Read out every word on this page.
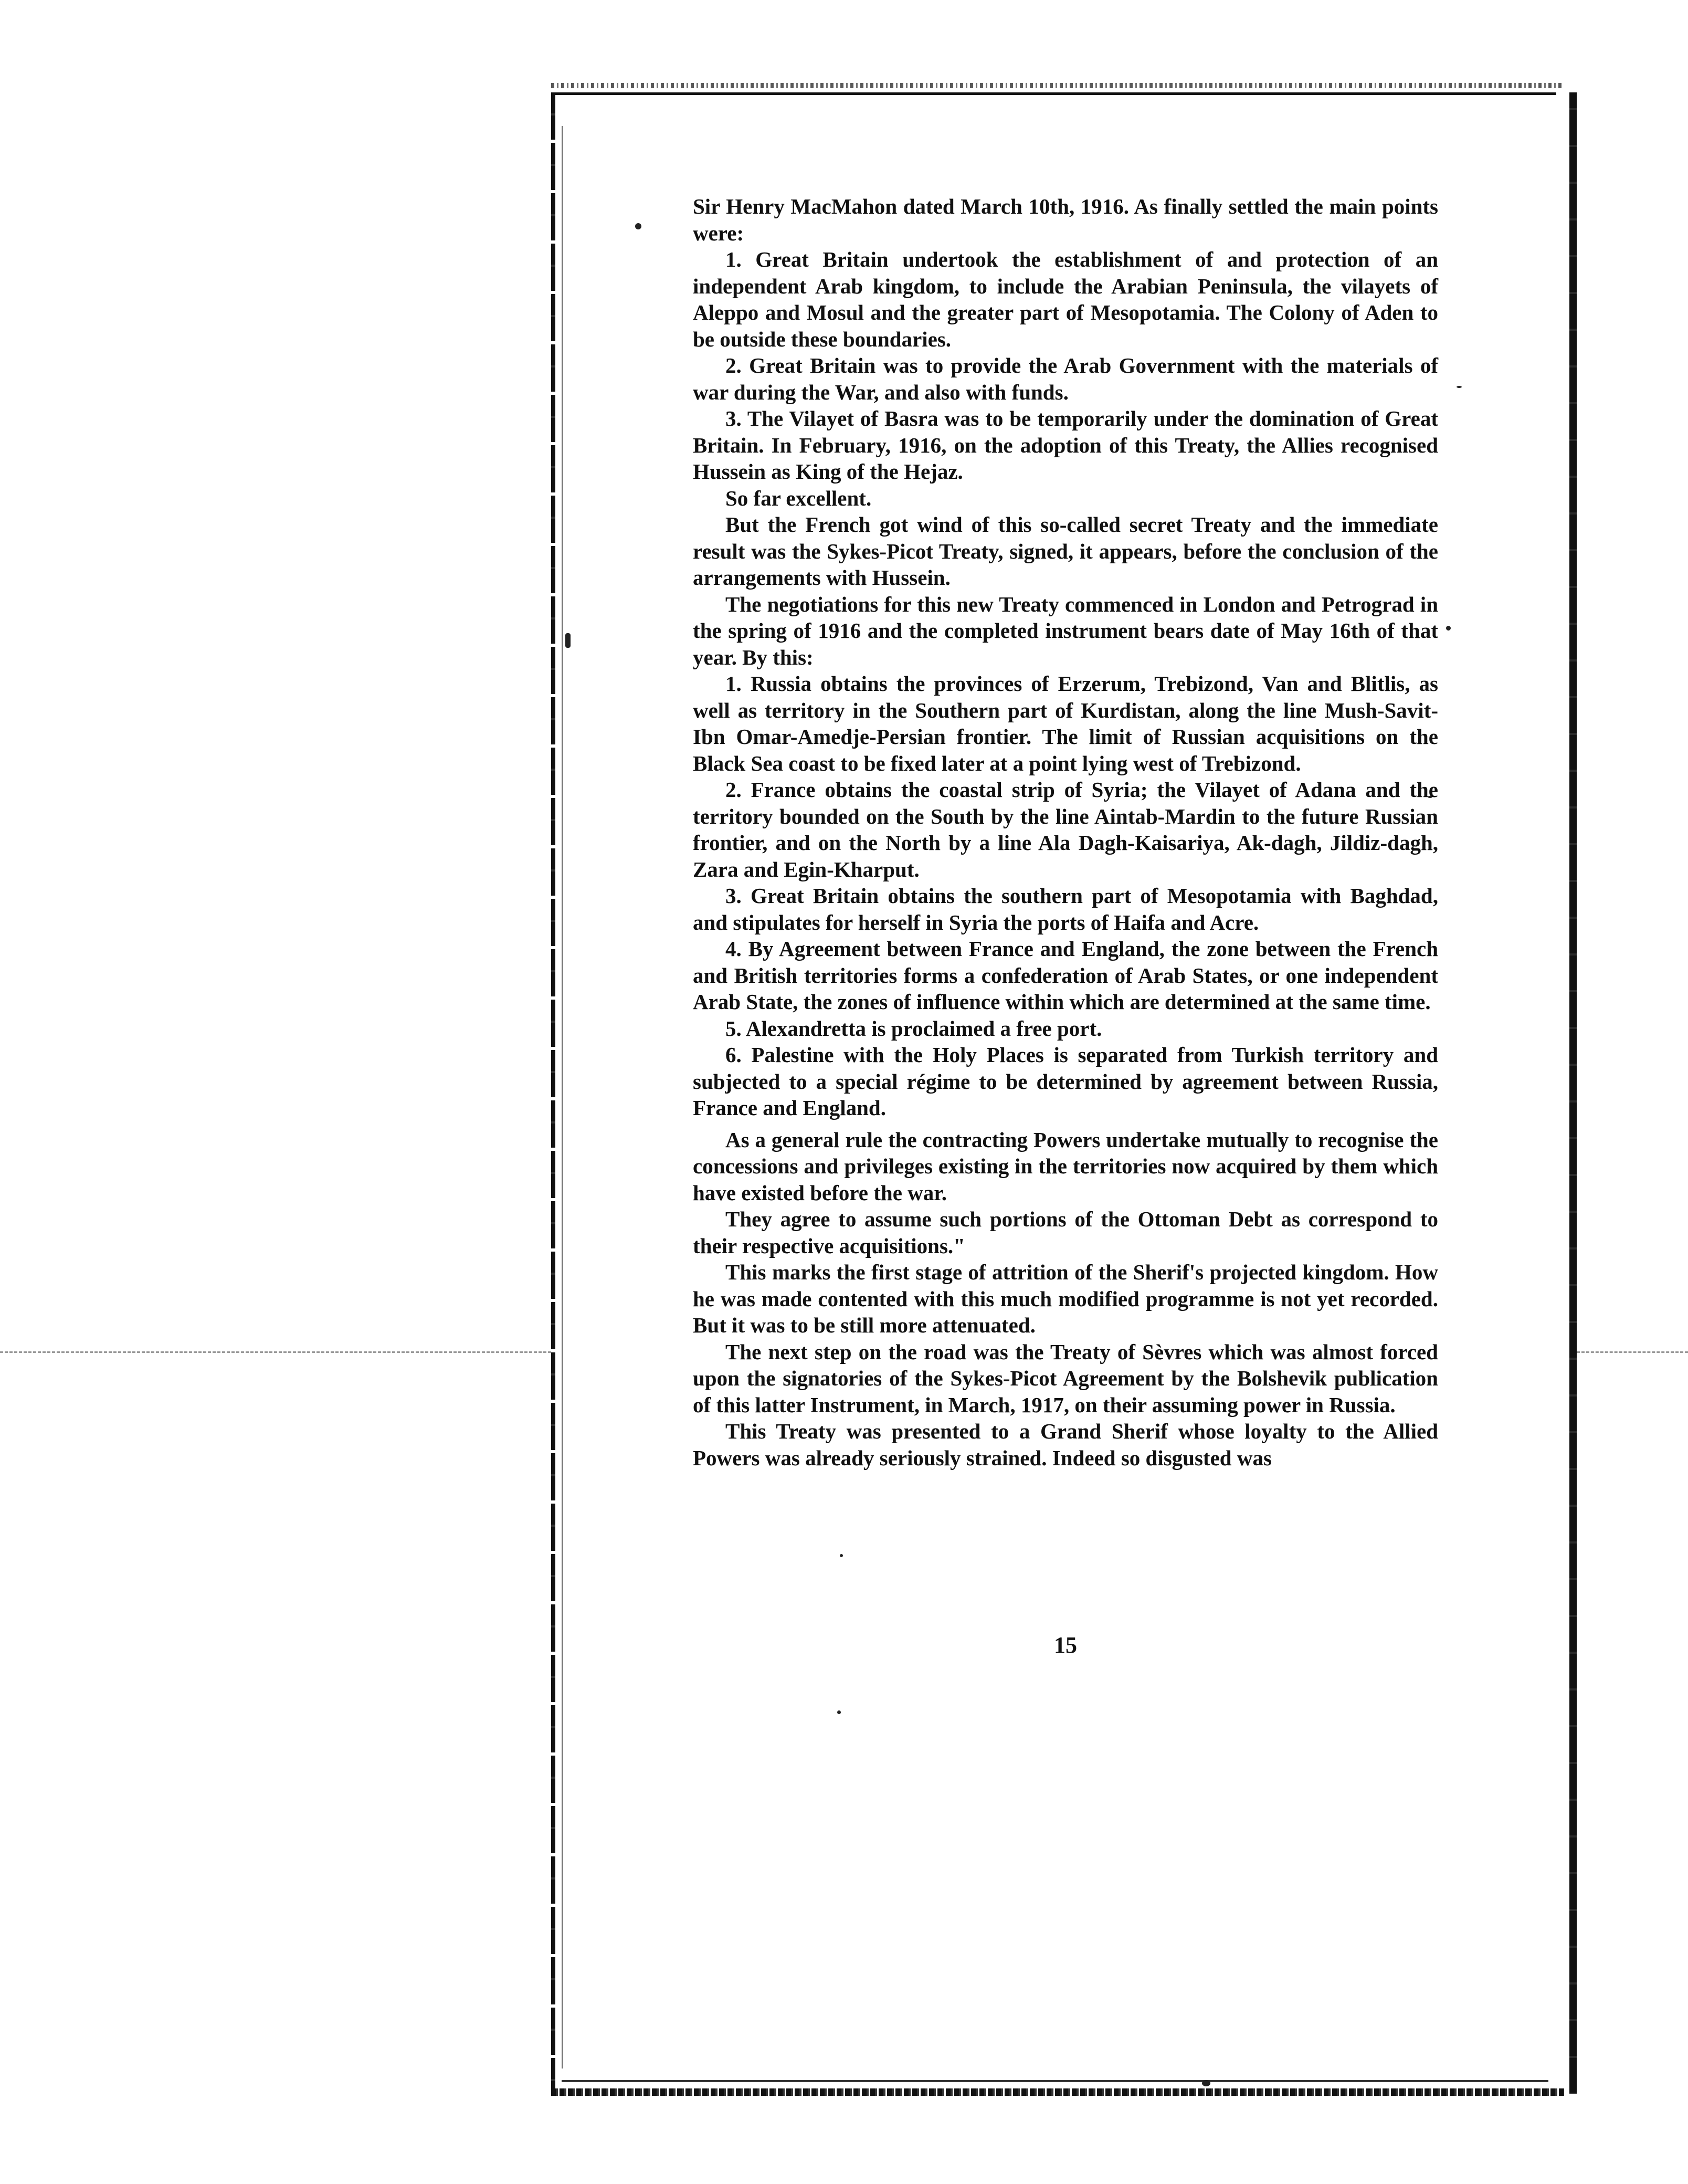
Sir Henry MacMahon dated March 10th, 1916. As finally settled the main points were:

1. Great Britain undertook the establishment of and protection of an independent Arab kingdom, to include the Arabian Peninsula, the vilayets of Aleppo and Mosul and the greater part of Mesopotamia. The Colony of Aden to be outside these boundaries.

2. Great Britain was to provide the Arab Government with the materials of war during the War, and also with funds.

3. The Vilayet of Basra was to be temporarily under the domination of Great Britain. In February, 1916, on the adoption of this Treaty, the Allies recognised Hussein as King of the Hejaz.

So far excellent.

But the French got wind of this so-called secret Treaty and the immediate result was the Sykes-Picot Treaty, signed, it appears, before the conclusion of the arrangements with Hussein.

The negotiations for this new Treaty commenced in London and Petrograd in the spring of 1916 and the completed instrument bears date of May 16th of that year. By this:

1. Russia obtains the provinces of Erzerum, Trebizond, Van and Blitlis, as well as territory in the Southern part of Kurdistan, along the line Mush-Savit-Ibn Omar-Amedje-Persian frontier. The limit of Russian acquisitions on the Black Sea coast to be fixed later at a point lying west of Trebizond.

2. France obtains the coastal strip of Syria; the Vilayet of Adana and the territory bounded on the South by the line Aintab-Mardin to the future Russian frontier, and on the North by a line Ala Dagh-Kaisariya, Ak-dagh, Jildiz-dagh, Zara and Egin-Kharput.

3. Great Britain obtains the southern part of Mesopotamia with Baghdad, and stipulates for herself in Syria the ports of Haifa and Acre.

4. By Agreement between France and England, the zone between the French and British territories forms a confederation of Arab States, or one independent Arab State, the zones of influence within which are determined at the same time.

5. Alexandretta is proclaimed a free port.

6. Palestine with the Holy Places is separated from Turkish territory and subjected to a special régime to be determined by agreement between Russia, France and England.

As a general rule the contracting Powers undertake mutually to recognise the concessions and privileges existing in the territories now acquired by them which have existed before the war.

They agree to assume such portions of the Ottoman Debt as correspond to their respective acquisitions."

This marks the first stage of attrition of the Sherif's projected kingdom. How he was made contented with this much modified programme is not yet recorded. But it was to be still more attenuated.

The next step on the road was the Treaty of Sèvres which was almost forced upon the signatories of the Sykes-Picot Agreement by the Bolshevik publication of this latter Instrument, in March, 1917, on their assuming power in Russia.

This Treaty was presented to a Grand Sherif whose loyalty to the Allied Powers was already seriously strained. Indeed so disgusted was

15
